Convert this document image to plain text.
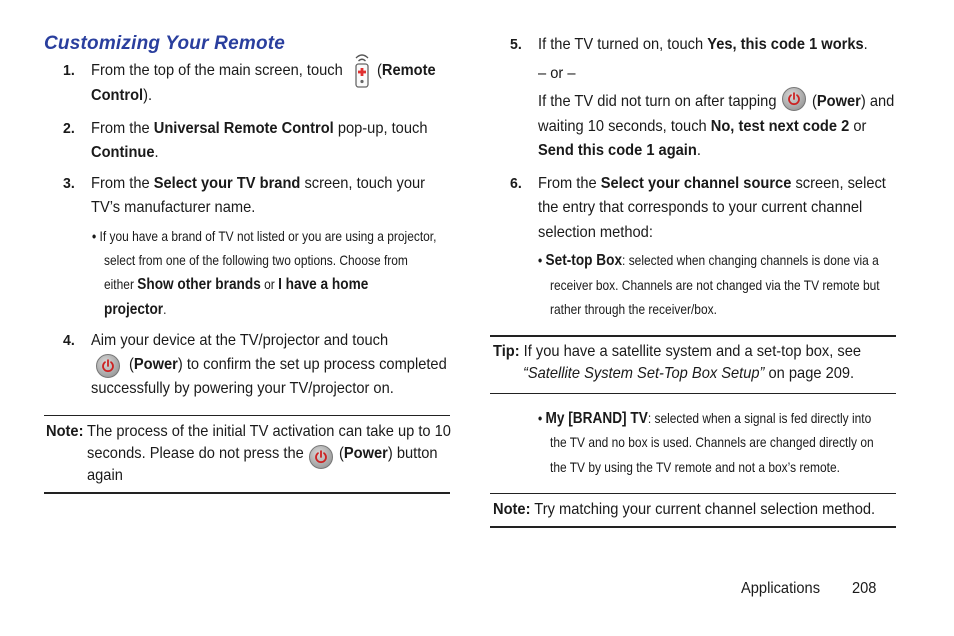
Customizing Your Remote
1. From the top of the main screen, touch (Remote
Control).
2. From the Universal Remote Control pop-up, touch
Continue.
3. From the Select your TV brand screen, touch your
TV’s manufacturer name.
• If you have a brand of TV not listed or you are using a projector,
select from one of the following two options. Choose from
either Show other brands or I have a home
projector.
4. Aim your device at the TV/projector and touch
(Power) to confirm the set up process completed
successfully by powering your TV/projector on.
Note: The process of the initial TV activation can take up to 10
seconds. Please do not press the (Power) button
again
5. If the TV turned on, touch Yes, this code 1 works.
– or –
If the TV did not turn on after tapping (Power) and
waiting 10 seconds, touch No, test next code 2 or
Send this code 1 again.
6. From the Select your channel source screen, select
the entry that corresponds to your current channel
selection method:
• Set-top Box: selected when changing channels is done via a
receiver box. Channels are not changed via the TV remote but
rather through the receiver/box.
Tip: If you have a satellite system and a set-top box, see
“Satellite System Set-Top Box Setup” on page 209.
• My [BRAND] TV: selected when a signal is fed directly into
the TV and no box is used. Channels are changed directly on
the TV by using the TV remote and not a box’s remote.
Note: Try matching your current channel selection method.
Applications 208
